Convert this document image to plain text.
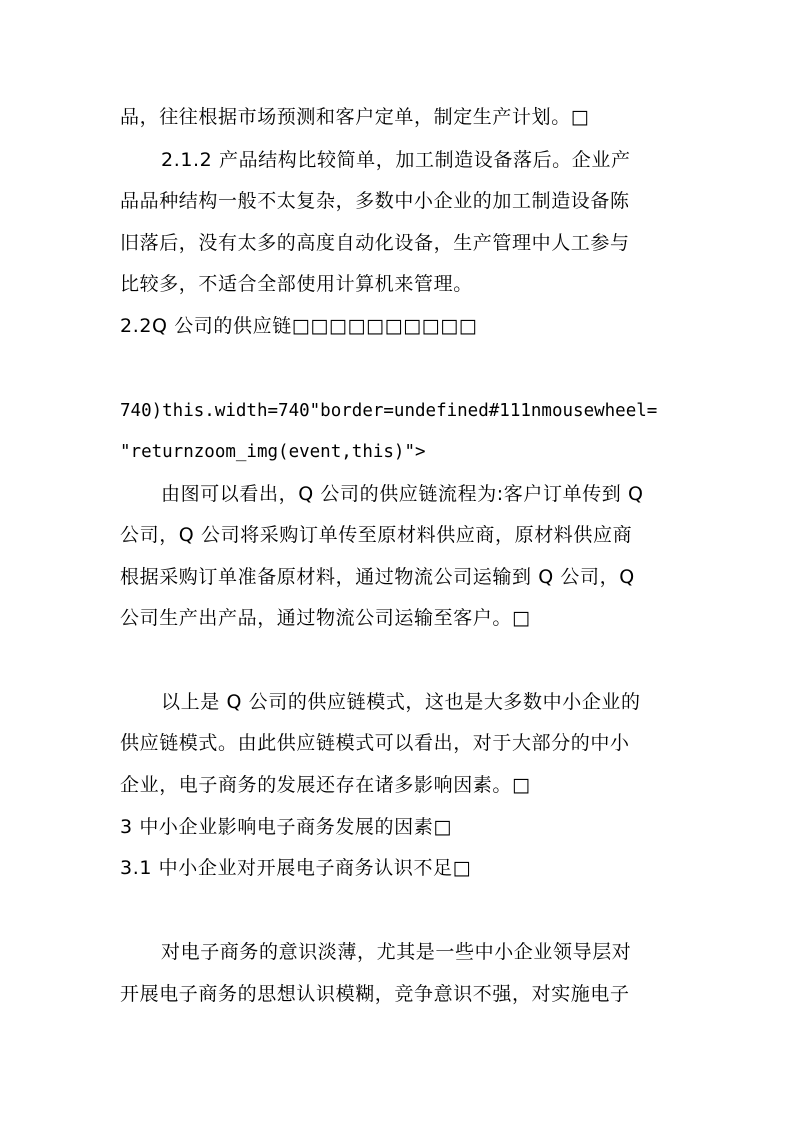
品，往往根据市场预测和客户定单，制定生产计划。□
2.1.2 产品结构比较简单，加工制造设备落后。企业产
品品种结构一般不太复杂，多数中小企业的加工制造设备陈
旧落后，没有太多的高度自动化设备，生产管理中人工参与
比较多，不适合全部使用计算机来管理。
2.2Q 公司的供应链□□□□□□□□□□
740)this.width=740"border=undefined#111nmousewheel=
"returnzoom_img(event,this)">
由图可以看出，Q 公司的供应链流程为:客户订单传到 Q
公司，Q 公司将采购订单传至原材料供应商，原材料供应商
根据采购订单准备原材料，通过物流公司运输到 Q 公司，Q
公司生产出产品，通过物流公司运输至客户。□
以上是 Q 公司的供应链模式，这也是大多数中小企业的
供应链模式。由此供应链模式可以看出，对于大部分的中小
企业，电子商务的发展还存在诸多影响因素。□
3 中小企业影响电子商务发展的因素□
3.1 中小企业对开展电子商务认识不足□
对电子商务的意识淡薄，尤其是一些中小企业领导层对
开展电子商务的思想认识模糊，竞争意识不强，对实施电子
